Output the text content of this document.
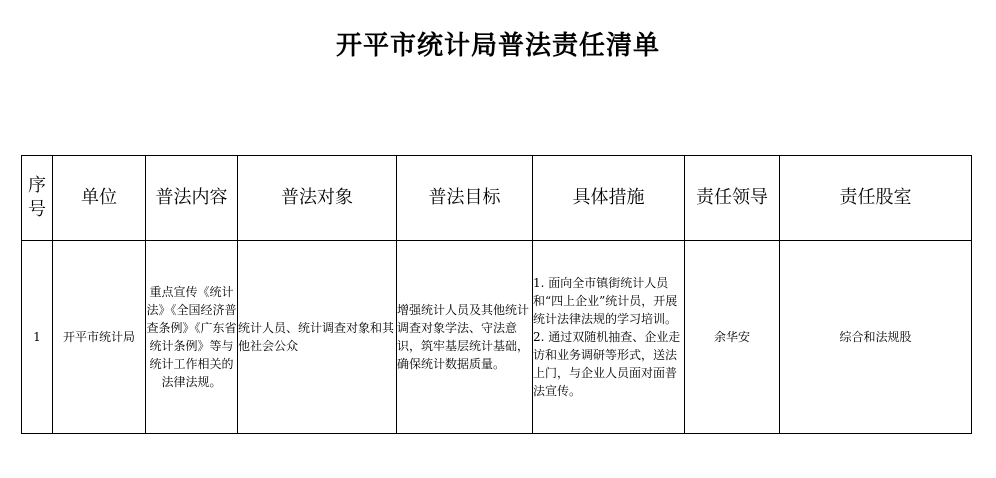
开平市统计局普法责任清单
序号	单位	普法内容	普法对象	普法目标	具体措施	责任领导	责任股室
1	开平市统计局	重点宣传《统计法》《全国经济普查条例》《广东省统计条例》等与统计工作相关的法律法规。	统计人员、统计调查对象和其他社会公众	增强统计人员及其他统计调查对象学法、守法意识，筑牢基层统计基础，确保统计数据质量。	1. 面向全市镇街统计人员和“四上企业”统计员，开展统计法律法规的学习培训。
2. 通过双随机抽查、企业走访和业务调研等形式，送法上门，与企业人员面对面普法宣传。	余华安	综合和法规股
